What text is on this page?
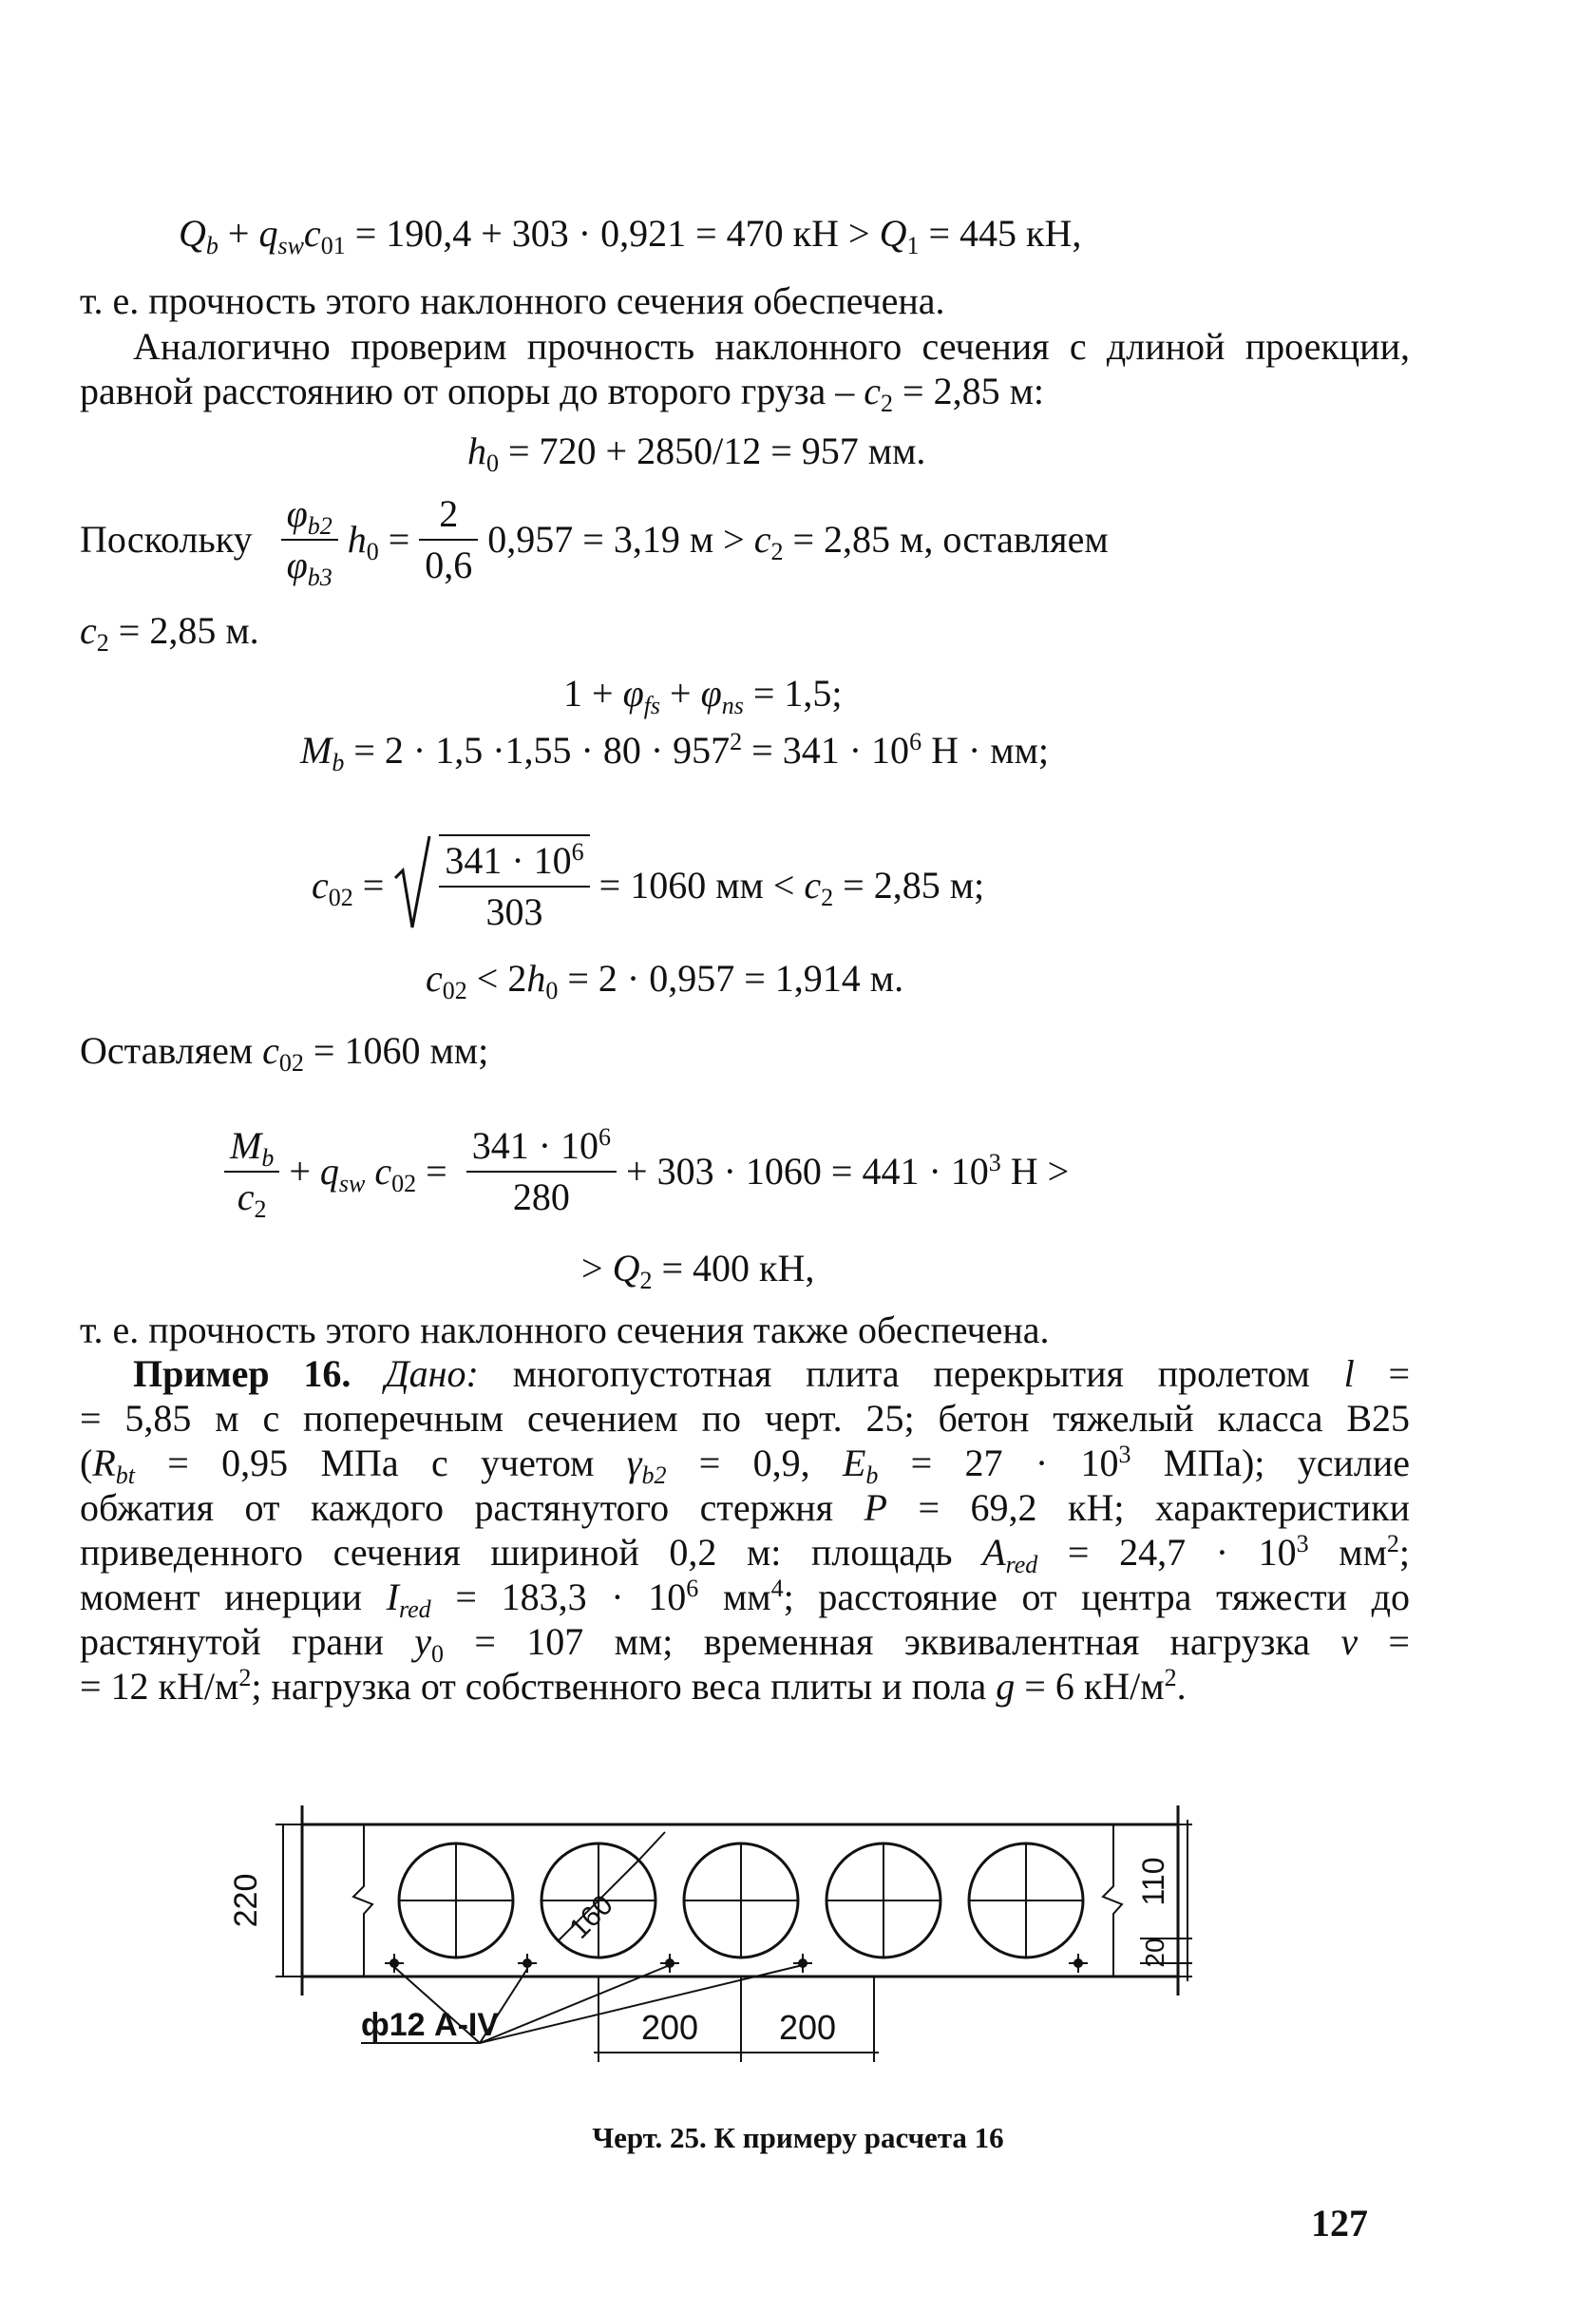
$Q_b + q_{sw}c_{01} = 190,4 + 303 \cdot 0,921 = 470$ кН > $Q_1 = 445$ кН,
т. е. прочность этого наклонного сечения обеспечена.
Аналогично проверим прочность наклонного сечения с длиной проекции,
равной расстоянию от опоры до второго груза – $c_2 = 2,85$ м:
$h_0 = 720 + 2850/12 = 957$ мм.
Поскольку $\frac{\varphi_{b2}}{\varphi_{b3}} h_0 = \frac{2}{0,6} 0,957 = 3,19$ $м > c_2 = 2,85$ м, оставляем
$c_2 = 2,85$ м.
$1 + \varphi_{fs} + \varphi_{ns} = 1,5$;
$M_b = 2 \cdot 1,5 \cdot 1,55 \cdot 80 \cdot 957^2 = 341 \cdot 10^6$ Н · мм;
$c_{02}$ =
$\frac{341 \cdot 10^6}{303} = 1060$ мм < $c_2 = 2,85$ м;
$c_{02} < 2h_0 = 2 \cdot 0,957 = 1,914$ м.
Оставляем $c_{02} = 1060$ мм;
$\frac{M_b}{c_2} + q_{sw}$ $c_{02} = \frac{341 \cdot 10^6}{280} + 303 \cdot 1060 = 441 \cdot 10^3$ Н >
> $Q_2 = 400$ кН,
т. е. прочность этого наклонного сечения также обеспечена.
Пример 16. Дано: многопустотная плита перекрытия пролетом l =
= 5,85 м с поперечным сечением по черт. 25; бетон тяжелый класса В25
($R_{bt} = 0,95$ МПа с учетом $\gamma_{b2} = 0,9$, $E_b = 27 \cdot 10^3$ МПа); усилие
обжатия от каждого растянутого стержня P = 69,2 кН; характеристики
приведенного сечения шириной 0,2 м: площадь $A_{red} = 24,7 \cdot 10^3$ $мм^2$;
момент инерции $I_{red} = 183,3 \cdot 10^6$ $мм^4$; расстояние от центра тяжести до
растянутой грани $y_0 = 107$ мм; временная эквивалентная нагрузка v =
= 12 $кН/м^2$; нагрузка от собственного веса плиты и пола g = 6 $кН/м^2$.
160
220	110
20
200 200
ф12 А-IV
Черт. 25. К примеру расчета 16
127
